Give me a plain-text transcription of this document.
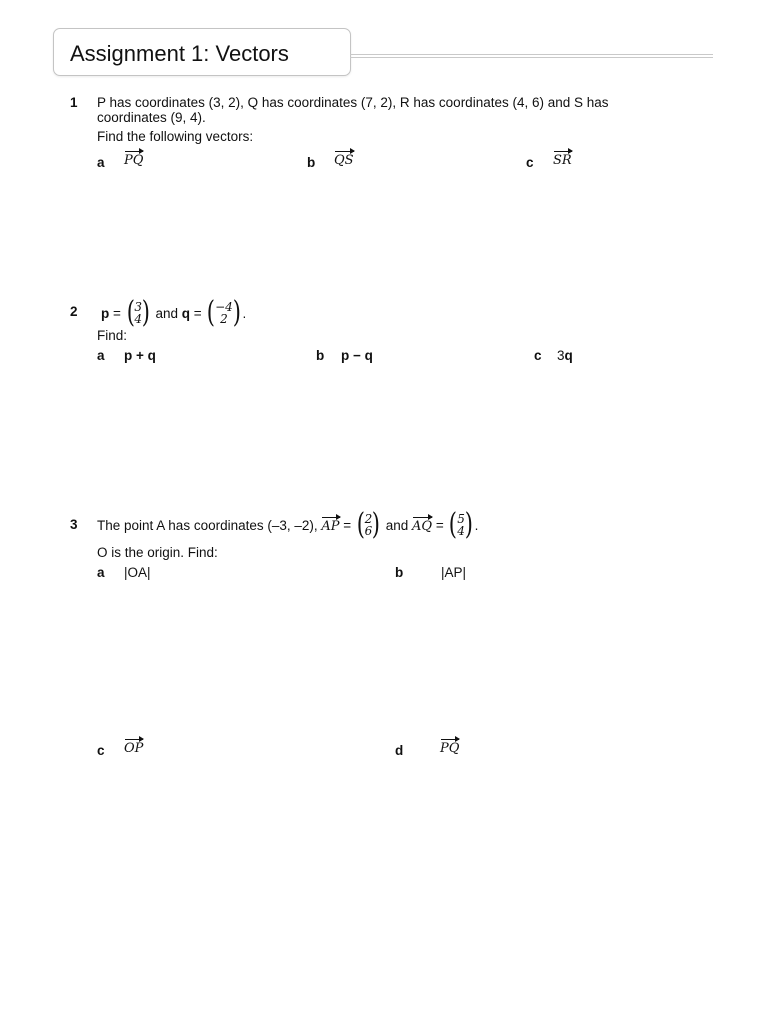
Assignment 1: Vectors
1 P has coordinates (3, 2), Q has coordinates (7, 2), R has coordinates (4, 6) and S has
coordinates (9, 4).
Find the following vectors:
a PQ	b QS	c SR
2 p = ( 3
4 ) and q = ( −4
2 ) .
Find:
a p + q	b p − q	c 3q
3 The point A has coordinates (–3, –2), AP = ( 2
6 ) and AQ = ( 5
4 ) .
O is the origin. Find:
a |OA|	b	|AP|
c OP	d	PQ
